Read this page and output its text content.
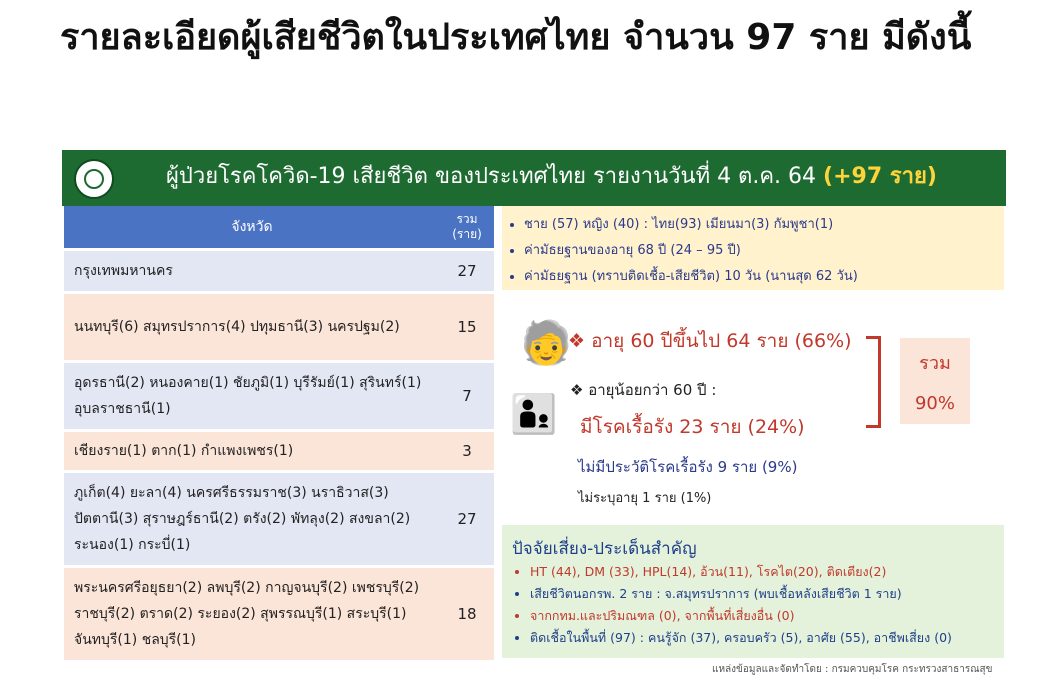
รายละเอียดผู้เสียชีวิตในประเทศไทย จำนวน 97 ราย มีดังนี้
ผู้ป่วยโรคโควิด-19 เสียชีวิต ของประเทศไทย รายงานวันที่ 4 ต.ค. 64 (+97 ราย)
จังหวัด	รวม (ราย)
กรุงเทพมหานคร	27
นนทบุรี(6) สมุทรปราการ(4) ปทุมธานี(3) นครปฐม(2)	15
อุดรธานี(2) หนองคาย(1) ชัยภูมิ(1) บุรีรัมย์(1) สุรินทร์(1) อุบลราชธานี(1)	7
เชียงราย(1) ตาก(1) กำแพงเพชร(1)	3
ภูเก็ต(4) ยะลา(4) นครศรีธรรมราช(3) นราธิวาส(3) ปัตตานี(3) สุราษฎร์ธานี(2) ตรัง(2) พัทลุง(2) สงขลา(2) ระนอง(1) กระบี่(1)	27
พระนครศรีอยุธยา(2) ลพบุรี(2) กาญจนบุรี(2) เพชรบุรี(2) ราชบุรี(2) ตราด(2) ระยอง(2) สุพรรณบุรี(1) สระบุรี(1) จันทบุรี(1) ชลบุรี(1)	18
• ชาย (57) หญิง (40) : ไทย(93) เมียนมา(3) กัมพูชา(1)
• ค่ามัธยฐานของอายุ 68 ปี (24 – 95 ปี)
• ค่ามัธยฐาน (ทราบติดเชื้อ-เสียชีวิต) 10 วัน (นานสุด 62 วัน)
🧓
👨‍👦
❖ อายุ 60 ปีขึ้นไป 64 ราย (66%)
❖ อายุน้อยกว่า 60 ปี :
มีโรคเรื้อรัง 23 ราย (24%)
รวม
90%
ไม่มีประวัติโรคเรื้อรัง 9 ราย (9%)
ไม่ระบุอายุ 1 ราย (1%)
ปัจจัยเสี่ยง-ประเด็นสำคัญ
• HT (44), DM (33), HPL(14), อ้วน(11), โรคไต(20), ติดเตียง(2)
• เสียชีวิตนอกรพ. 2 ราย : จ.สมุทรปราการ (พบเชื้อหลังเสียชีวิต 1 ราย)
• จากกทม.และปริมณฑล (0), จากพื้นที่เสี่ยงอื่น (0)
• ติดเชื้อในพื้นที่ (97) : คนรู้จัก (37), ครอบครัว (5), อาศัย (55), อาชีพเสี่ยง (0)
แหล่งข้อมูลและจัดทำโดย : กรมควบคุมโรค กระทรวงสาธารณสุข
